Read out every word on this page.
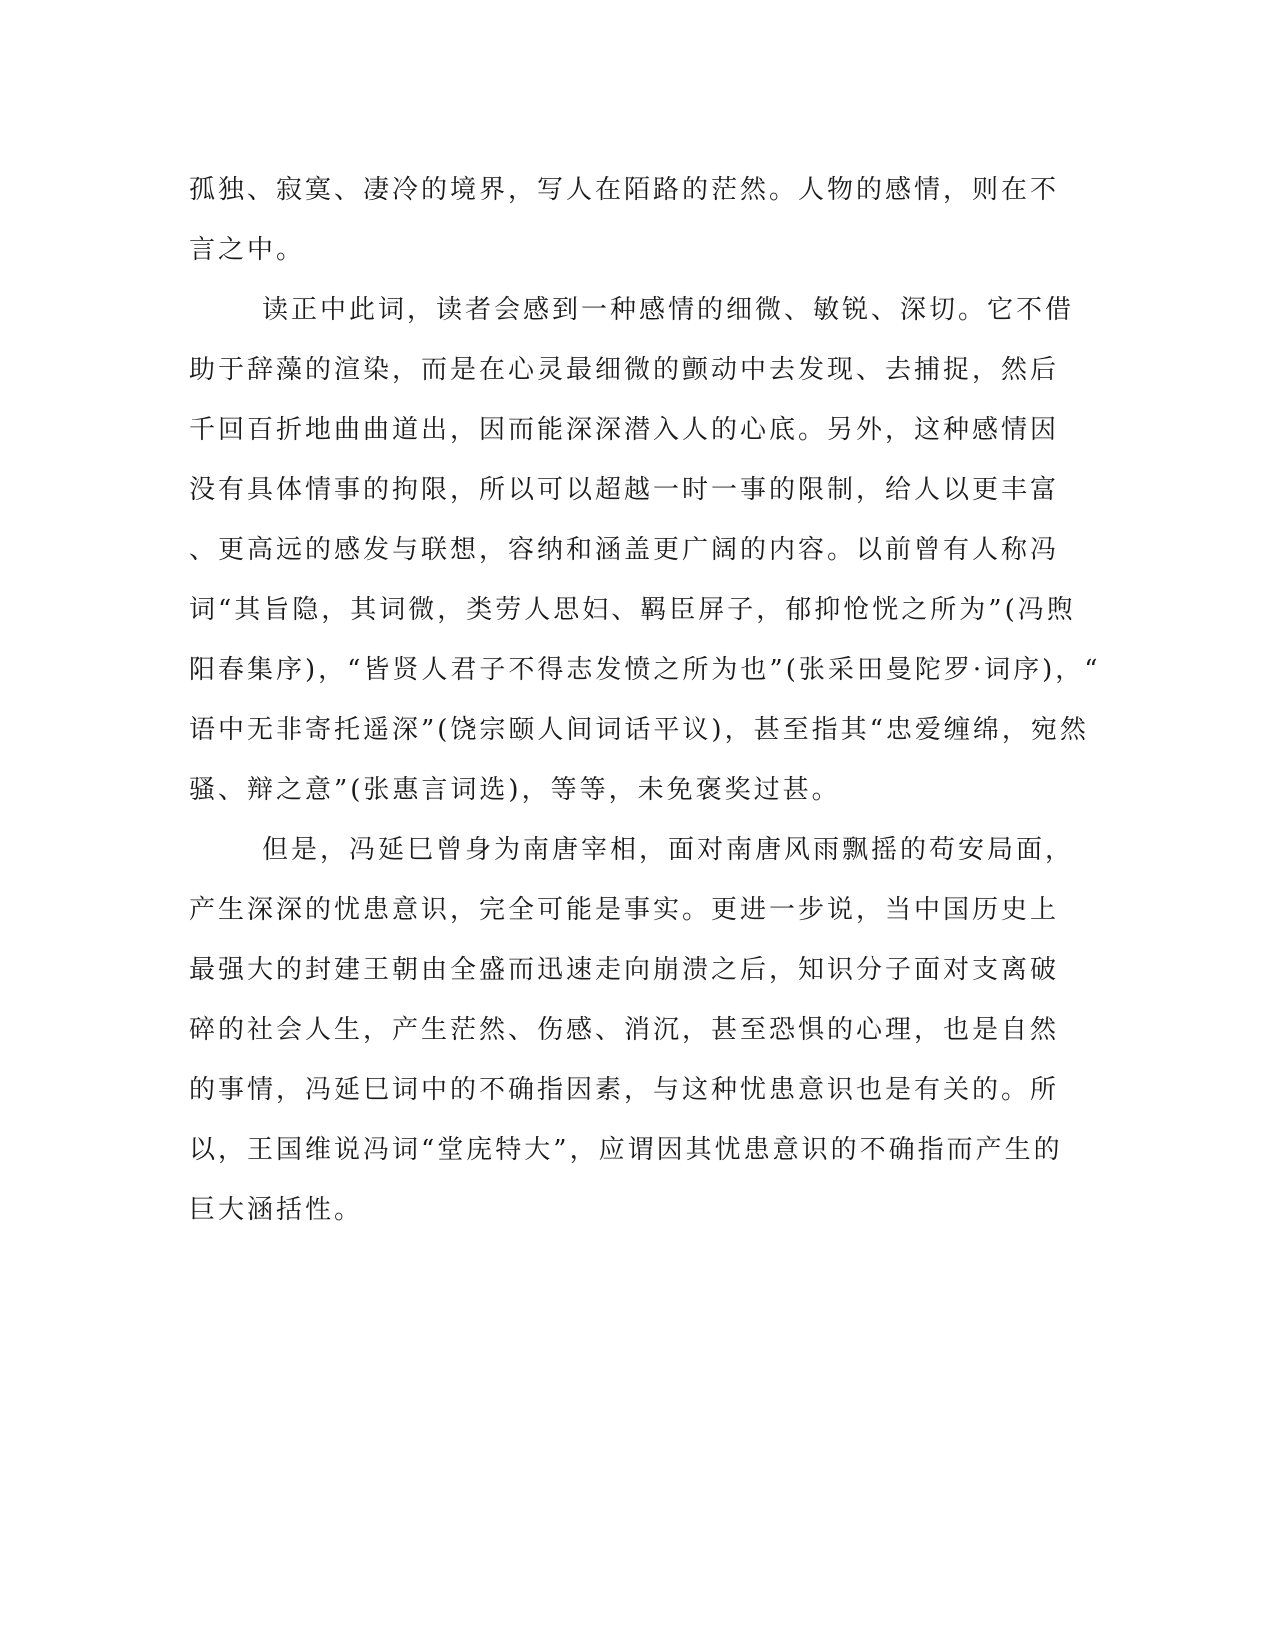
孤独、寂寞、凄冷的境界，写人在陌路的茫然。人物的感情，则在不
言之中。
读正中此词，读者会感到一种感情的细微、敏锐、深切。它不借
助于辞藻的渲染，而是在心灵最细微的颤动中去发现、去捕捉，然后
千回百折地曲曲道出，因而能深深潜入人的心底。另外，这种感情因
没有具体情事的拘限，所以可以超越一时一事的限制，给人以更丰富
、更高远的感发与联想，容纳和涵盖更广阔的内容。以前曾有人称冯
词“其旨隐，其词微，类劳人思妇、羁臣屏子，郁抑怆恍之所为”(冯煦
阳春集序)，“皆贤人君子不得志发愤之所为也”(张采田曼陀罗·词序)，“
语中无非寄托遥深”(饶宗颐人间词话平议)，甚至指其“忠爱缠绵，宛然
骚、辩之意”(张惠言词选)，等等，未免褒奖过甚。
但是，冯延巳曾身为南唐宰相，面对南唐风雨飘摇的苟安局面，
产生深深的忧患意识，完全可能是事实。更进一步说，当中国历史上
最强大的封建王朝由全盛而迅速走向崩溃之后，知识分子面对支离破
碎的社会人生，产生茫然、伤感、消沉，甚至恐惧的心理，也是自然
的事情，冯延巳词中的不确指因素，与这种忧患意识也是有关的。所
以，王国维说冯词“堂庑特大”，应谓因其忧患意识的不确指而产生的
巨大涵括性。
